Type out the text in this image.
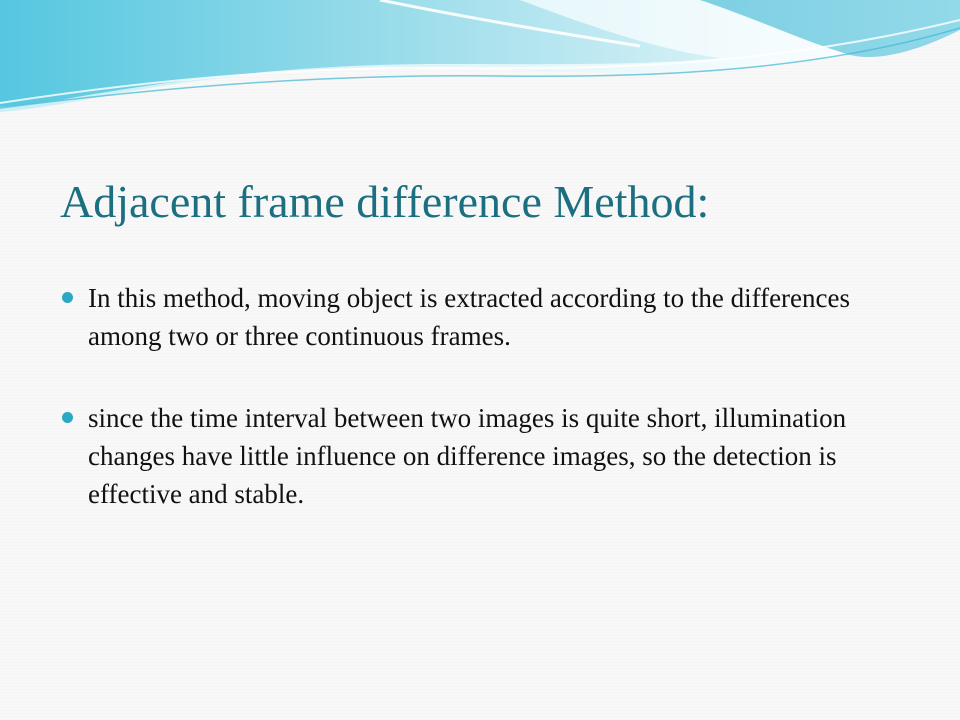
Adjacent frame difference Method:
In this method, moving object is extracted according to the differences among two or three continuous frames.
since the time interval between two images is quite short, illumination changes have little influence on difference images, so the detection is effective and stable.
